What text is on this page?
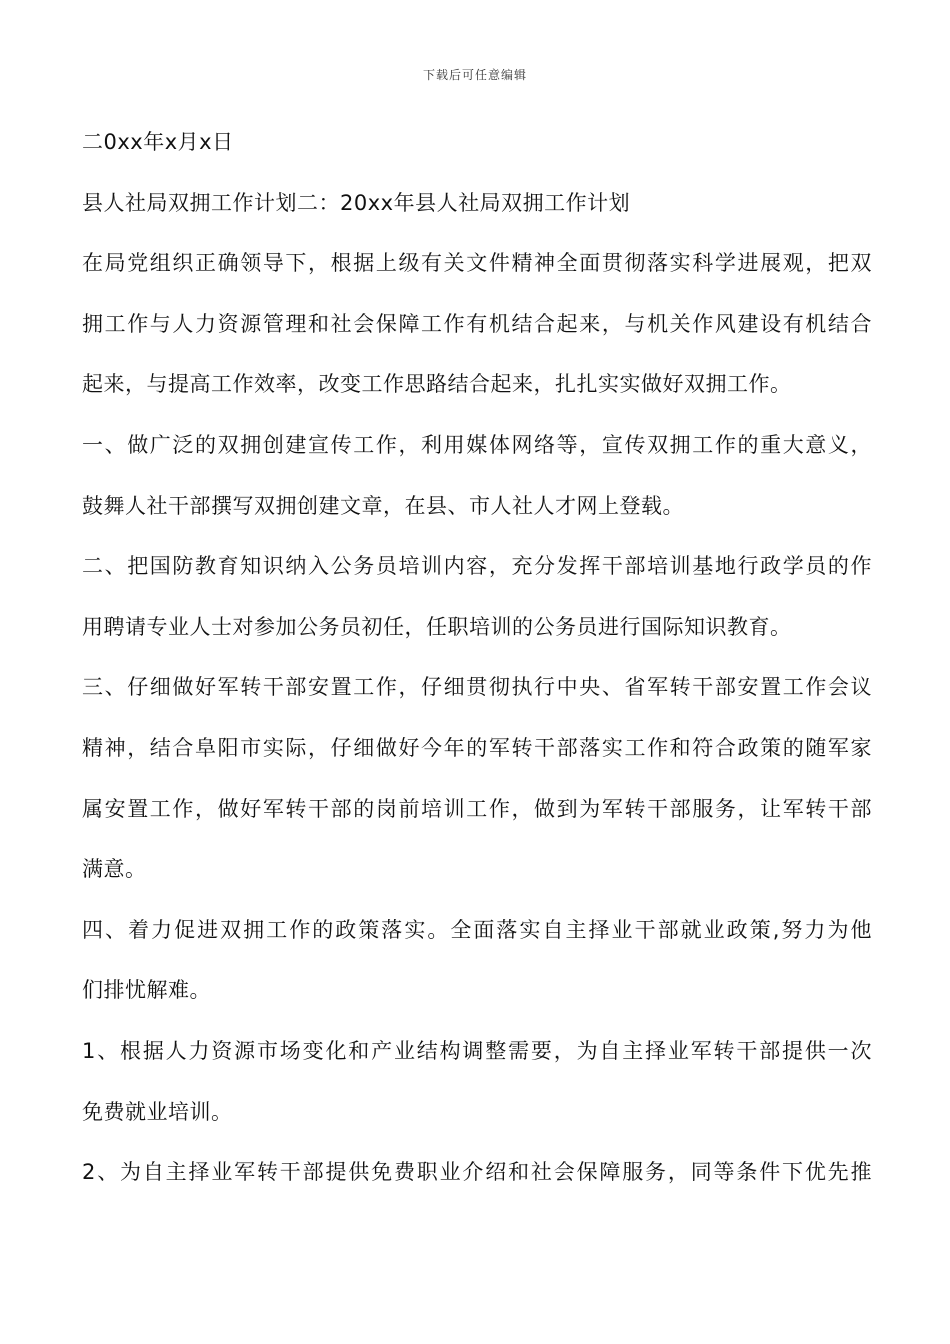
下载后可任意编辑
二0xx年x月x日
县人社局双拥工作计划二：20xx年县人社局双拥工作计划
在局党组织正确领导下，根据上级有关文件精神全面贯彻落实科学进展观，把双
拥工作与人力资源管理和社会保障工作有机结合起来，与机关作风建设有机结合
起来，与提高工作效率，改变工作思路结合起来，扎扎实实做好双拥工作。
一、做广泛的双拥创建宣传工作，利用媒体网络等，宣传双拥工作的重大意义，
鼓舞人社干部撰写双拥创建文章，在县、市人社人才网上登载。
二、把国防教育知识纳入公务员培训内容，充分发挥干部培训基地行政学员的作
用聘请专业人士对参加公务员初任，任职培训的公务员进行国际知识教育。
三、仔细做好军转干部安置工作，仔细贯彻执行中央、省军转干部安置工作会议
精神，结合阜阳市实际，仔细做好今年的军转干部落实工作和符合政策的随军家
属安置工作，做好军转干部的岗前培训工作，做到为军转干部服务，让军转干部
满意。
四、着力促进双拥工作的政策落实。全面落实自主择业干部就业政策,努力为他
们排忧解难。
1、根据人力资源市场变化和产业结构调整需要，为自主择业军转干部提供一次
免费就业培训。
2、为自主择业军转干部提供免费职业介绍和社会保障服务，同等条件下优先推
